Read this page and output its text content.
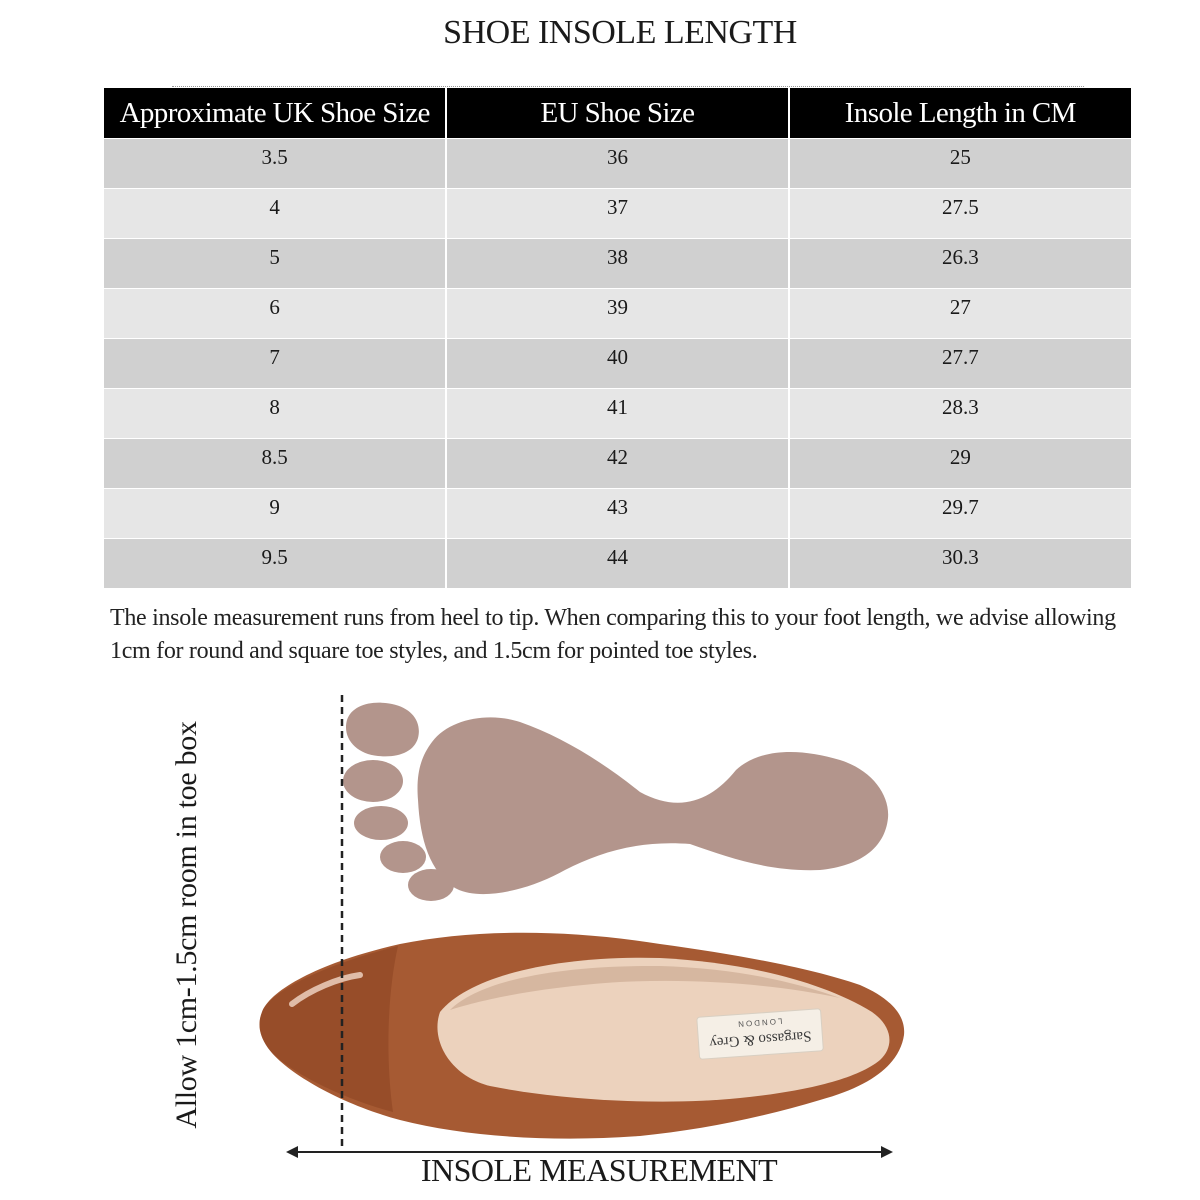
SHOE INSOLE LENGTH
Approximate UK Shoe Size	EU Shoe Size	Insole Length in CM
3.5	36	25
4	37	27.5
5	38	26.3
6	39	27
7	40	27.7
8	41	28.3
8.5	42	29
9	43	29.7
9.5	44	30.3
The insole measurement runs from heel to tip. When comparing this to your foot length, we advise allowing 1cm for round and square toe styles, and 1.5cm for pointed toe styles.
Sargasso & Grey
LONDON
Allow 1cm-1.5cm room in toe box
INSOLE MEASUREMENT
